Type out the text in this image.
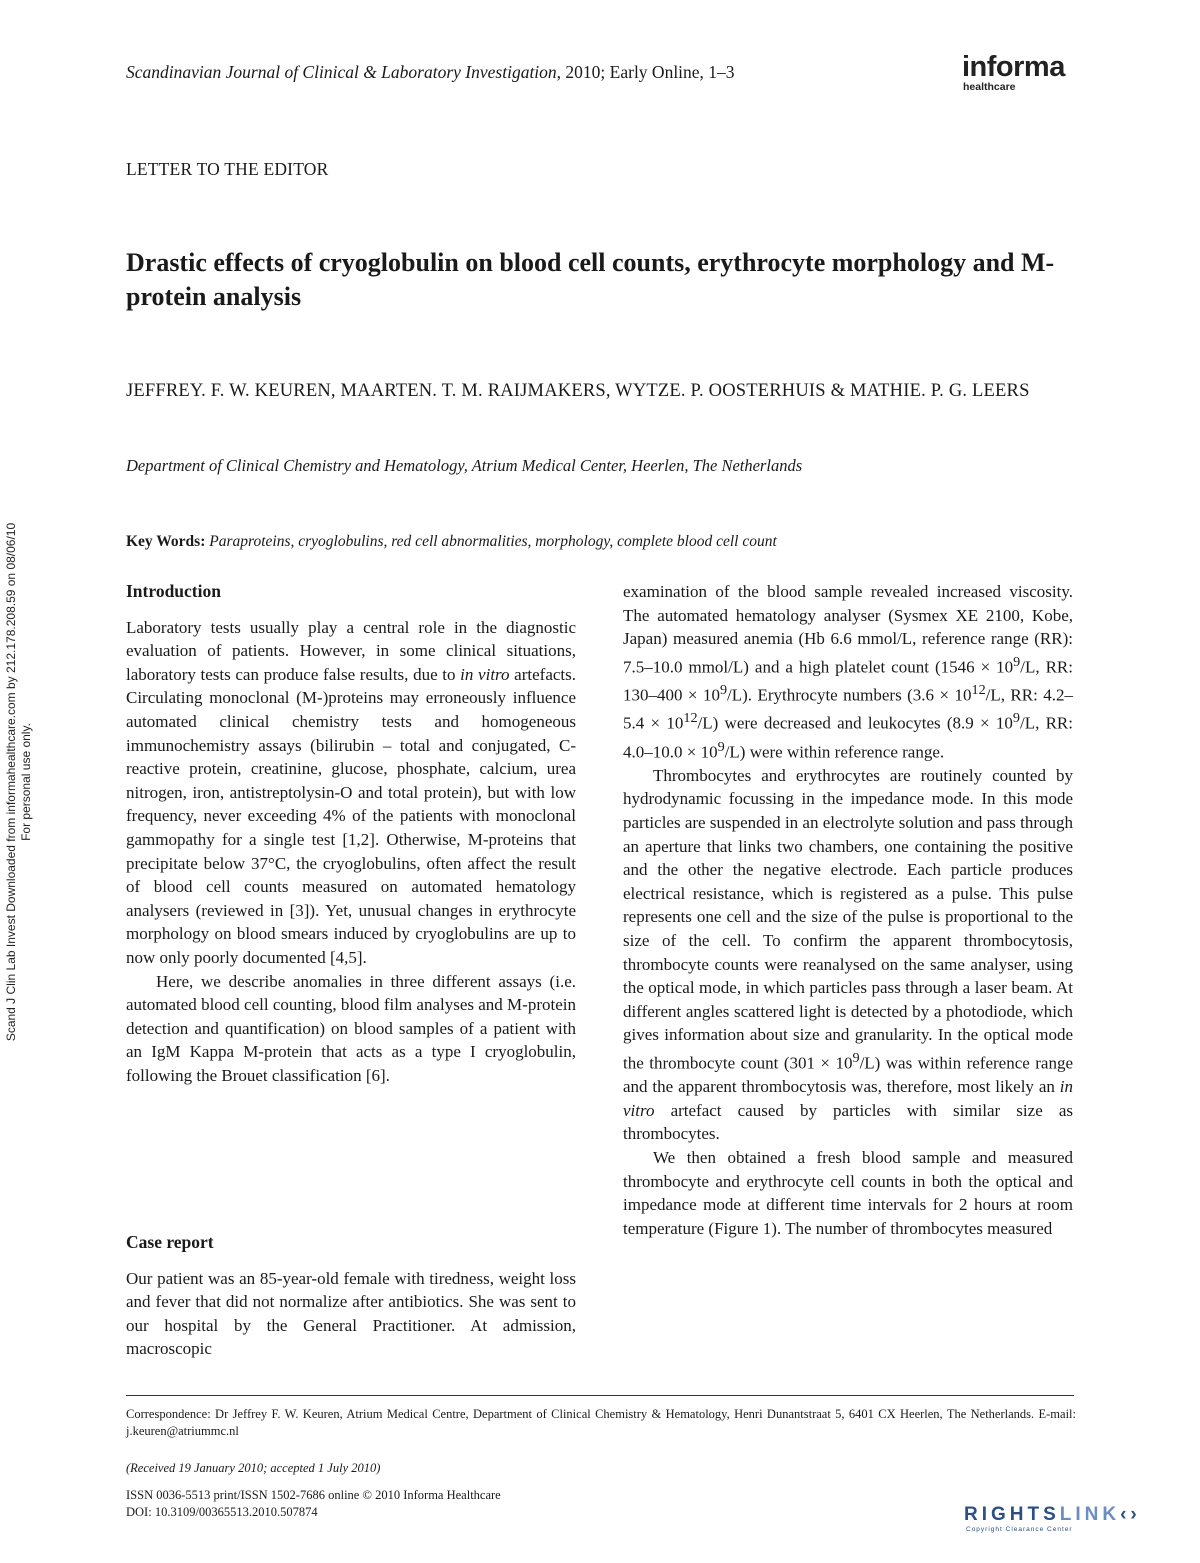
Scandinavian Journal of Clinical & Laboratory Investigation, 2010; Early Online, 1–3	informa
healthcare
Scand J Clin Lab Invest Downloaded from informahealthcare.com by 212.178.208.59 on 08/06/10 For personal use only.
LETTER TO THE EDITOR
Drastic effects of cryoglobulin on blood cell counts, erythrocyte morphology and M-protein analysis
JEFFREY. F. W. KEUREN, MAARTEN. T. M. RAIJMAKERS, WYTZE. P. OOSTERHUIS & MATHIE. P. G. LEERS
Department of Clinical Chemistry and Hematology, Atrium Medical Center, Heerlen, The Netherlands
Key Words: Paraproteins, cryoglobulins, red cell abnormalities, morphology, complete blood cell count
Introduction

Laboratory tests usually play a central role in the diagnostic evaluation of patients. However, in some clinical situations, laboratory tests can produce false results, due to in vitro artefacts. Circulating monoclonal (M-)proteins may erroneously influence automated clinical chemistry tests and homogeneous immunochemistry assays (bilirubin – total and conjugated, C-reactive protein, creatinine, glucose, phosphate, calcium, urea nitrogen, iron, antistreptolysin-O and total protein), but with low frequency, never exceeding 4% of the patients with monoclonal gammopathy for a single test [1,2]. Otherwise, M-proteins that precipitate below 37°C, the cryoglobulins, often affect the result of blood cell counts measured on automated hematology analysers (reviewed in [3]). Yet, unusual changes in erythrocyte morphology on blood smears induced by cryoglobulins are up to now only poorly documented [4,5].

Here, we describe anomalies in three different assays (i.e. automated blood cell counting, blood film analyses and M-protein detection and quantification) on blood samples of a patient with an IgM Kappa M-protein that acts as a type I cryoglobulin, following the Brouet classification [6].

Case report

Our patient was an 85-year-old female with tiredness, weight loss and fever that did not normalize after antibiotics. She was sent to our hospital by the General Practitioner. At admission, macroscopic

examination of the blood sample revealed increased viscosity. The automated hematology analyser (Sysmex XE 2100, Kobe, Japan) measured anemia (Hb 6.6 mmol/L, reference range (RR): 7.5–10.0 mmol/L) and a high platelet count ($1546 \times 10^9/L$, RR: $130-400 \times 10^9/L$). Erythrocyte numbers ($3.6 \times 10^{12}/L$, RR: $4.2-5.4 \times 10^{12}/L$) were decreased and leukocytes ($8.9 \times 10^9/L$, RR: $4.0-10.0 \times 10^9/L$) were within reference range.

Thrombocytes and erythrocytes are routinely counted by hydrodynamic focussing in the impedance mode. In this mode particles are suspended in an electrolyte solution and pass through an aperture that links two chambers, one containing the positive and the other the negative electrode. Each particle produces electrical resistance, which is registered as a pulse. This pulse represents one cell and the size of the pulse is proportional to the size of the cell. To confirm the apparent thrombocytosis, thrombocyte counts were reanalysed on the same analyser, using the optical mode, in which particles pass through a laser beam. At different angles scattered light is detected by a photodiode, which gives information about size and granularity. In the optical mode the thrombocyte count $(301 \times 10^9/L)$ was within reference range and the apparent thrombocytosis was, therefore, most likely an in vitro artefact caused by particles with similar size as thrombocytes.

We then obtained a fresh blood sample and measured thrombocyte and erythrocyte cell counts in both the optical and impedance mode at different time intervals for 2 hours at room temperature (Figure 1). The number of thrombocytes measured

Correspondence: Dr Jeffrey F. W. Keuren, Atrium Medical Centre, Department of Clinical Chemistry & Hematology, Henri Dunantstraat 5, 6401 CX Heerlen, The Netherlands. E-mail: j.keuren@atriummc.nl
(Received 19 January 2010; accepted 1 July 2010)
ISSN 0036-5513 print/ISSN 1502-7686 online © 2010 Informa Healthcare
DOI: 10.3109/00365513.2010.507874	RIGHTSLINK‹›
Copyright Clearance Center
